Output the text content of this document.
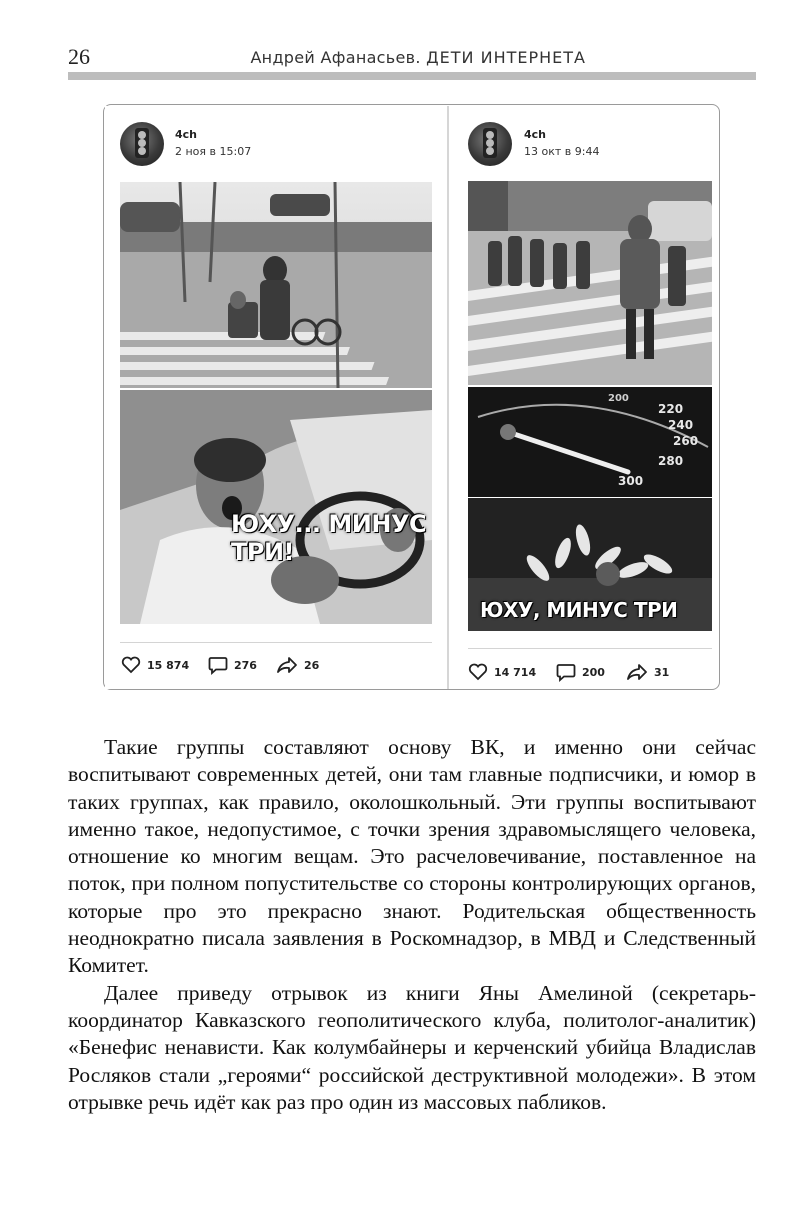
26	Андрей Афанасьев. ДЕТИ ИНТЕРНЕТА
4ch
2 ноя в 15:07
ЮХУ... МИНУС ТРИ!
15 874	276	26
4ch
13 окт в 9:44
220
240
260
280
300
200
ЮХУ, МИНУС ТРИ
14 714	200	31

Такие группы составляют основу ВК, и именно они сейчас воспитывают современных детей, они там главные подписчики, и юмор в таких группах, как правило, околошкольный. Эти группы воспитывают именно такое, недопустимое, с точки зрения здравомыслящего человека, отношение ко многим вещам. Это расчеловечивание, поставленное на поток, при полном попустительстве со стороны контролирующих органов, которые про это прекрасно знают. Родительская общественность неоднократно писала заявления в Роскомнадзор, в МВД и Следственный Комитет.

Далее приведу отрывок из книги Яны Амелиной (секретарь-координатор Кавказского геополитического клуба, политолог-аналитик) «Бенефис ненависти. Как колумбайнеры и керченский убийца Владислав Росляков стали „героями“ российской деструктивной молодежи». В этом отрывке речь идёт как раз про один из массовых пабликов.
